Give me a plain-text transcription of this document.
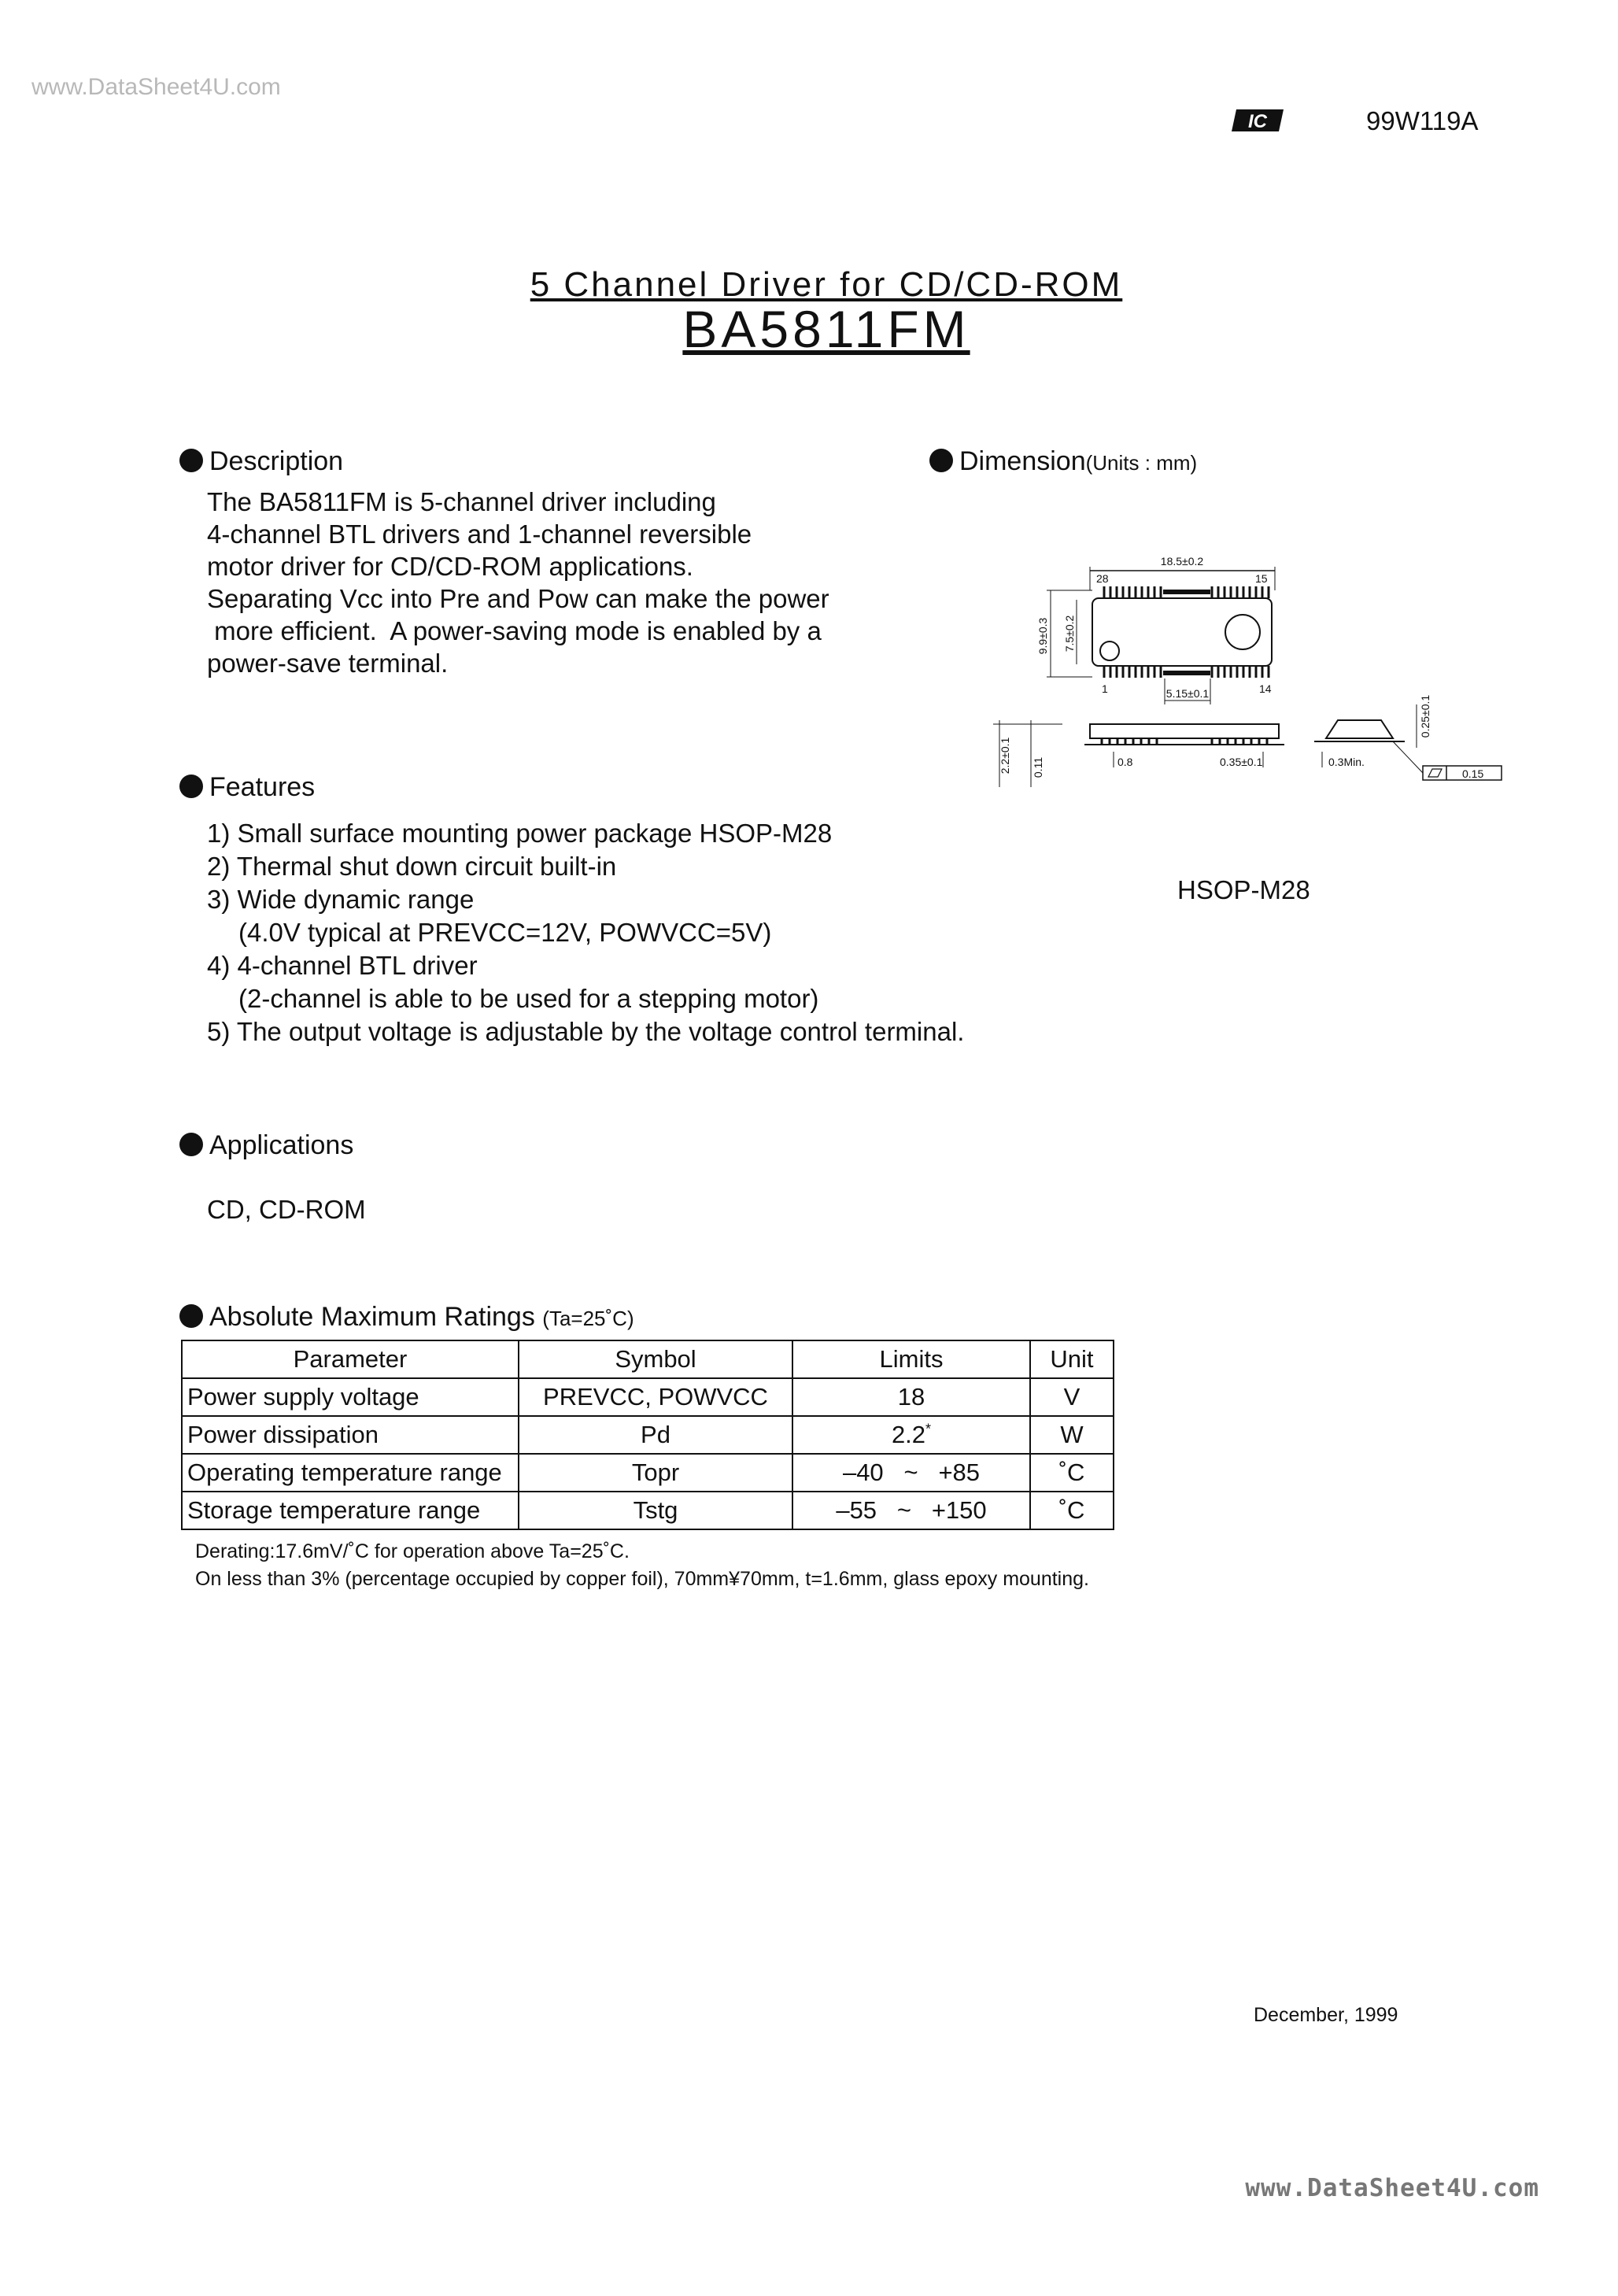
www.DataSheet4U.com
IC	99W119A
5 Channel Driver for CD/CD-ROM
BA5811FM
Description
The BA5811FM is 5-channel driver including
4-channel BTL drivers and 1-channel reversible
motor driver for CD/CD-ROM applications.
Separating Vcc into Pre and Pow can make the power
more efficient.  A power-saving mode is enabled by a
power-save terminal.
Dimension(Units : mm)
18.5±0.2
28	15
1	14
5.15±0.1
9.9±0.3 7.5±0.2
2.2±0.1 0.11	0.8	0.35±0.1	0.3Min.
0.25±0.1
0.15
HSOP-M28
Features
1) Small surface mounting power package HSOP-M28
2) Thermal shut down circuit built-in
3) Wide dynamic range
(4.0V typical at PREVCC=12V, POWVCC=5V)
4) 4-channel BTL driver
(2-channel is able to be used for a stepping motor)
5) The output voltage is adjustable by the voltage control terminal.
Applications
CD, CD-ROM
Absolute Maximum Ratings (Ta=25˚C)
Parameter	Symbol	Limits	Unit
Power supply voltage	PREVCC, POWVCC	18	V
Power dissipation	Pd	2.2*	W
Operating temperature range	Topr	–40   ~   +85	˚C
Storage temperature range	Tstg	–55   ~   +150	˚C
Derating:17.6mV/˚C for operation above Ta=25˚C.
On less than 3% (percentage occupied by copper foil), 70mm¥70mm, t=1.6mm, glass epoxy mounting.
December, 1999
www.DataSheet4U.com
